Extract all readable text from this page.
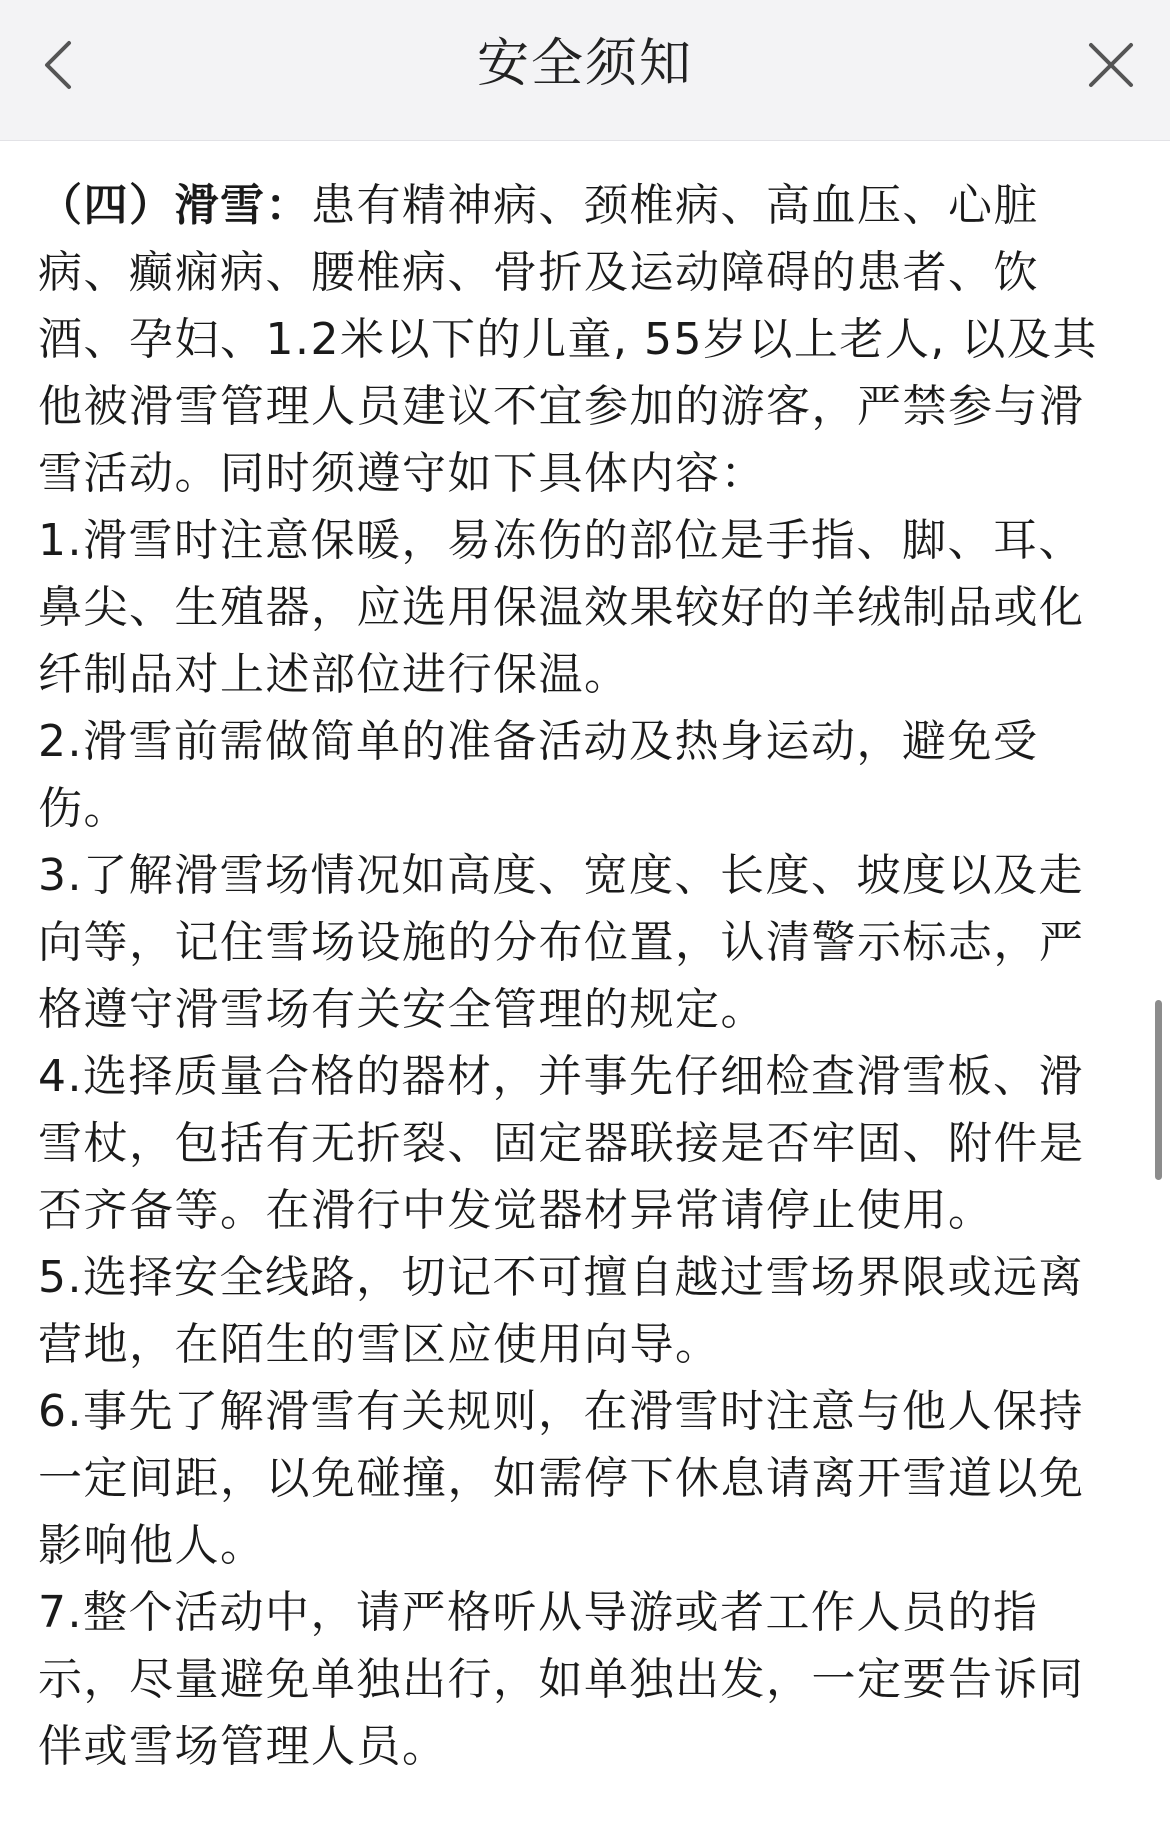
安全须知

（四）滑雪：患有精神病、颈椎病、高血压、心脏病、癫痫病、腰椎病、骨折及运动障碍的患者、饮酒、孕妇、1.2米以下的儿童, 55岁以上老人, 以及其他被滑雪管理人员建议不宜参加的游客，严禁参与滑雪活动。同时须遵守如下具体内容：

1.滑雪时注意保暖，易冻伤的部位是手指、脚、耳、鼻尖、生殖器，应选用保温效果较好的羊绒制品或化纤制品对上述部位进行保温。

2.滑雪前需做简单的准备活动及热身运动，避免受伤。

3.了解滑雪场情况如高度、宽度、长度、坡度以及走向等，记住雪场设施的分布位置，认清警示标志，严格遵守滑雪场有关安全管理的规定。

4.选择质量合格的器材，并事先仔细检查滑雪板、滑雪杖，包括有无折裂、固定器联接是否牢固、附件是否齐备等。在滑行中发觉器材异常请停止使用。

5.选择安全线路，切记不可擅自越过雪场界限或远离营地，在陌生的雪区应使用向导。

6.事先了解滑雪有关规则，在滑雪时注意与他人保持一定间距，以免碰撞，如需停下休息请离开雪道以免影响他人。

7.整个活动中，请严格听从导游或者工作人员的指示，尽量避免单独出行，如单独出发，一定要告诉同伴或雪场管理人员。
